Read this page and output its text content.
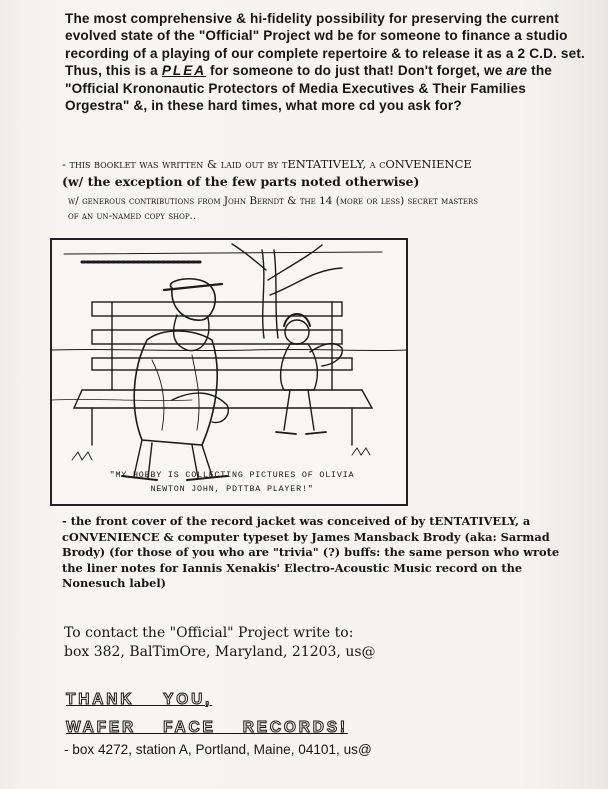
The most comprehensive & hi-fidelity possibility for preserving the current evolved state of the "Official" Project wd be for someone to finance a studio recording of a playing of our complete repertoire & to release it as a 2 C.D. set. Thus, this is a PLEA for someone to do just that! Don't forget, we are the "Official Krononautic Protectors of Media Executives & Their Families Orgestra" &, in these hard times, what more cd you ask for?
- this booklet was written & laid out by tENTATIVELY, a cONVENIENCE
(w/ the exception of the few parts noted otherwise)
w/ generous contributions from John Berndt & the 14 (more or less) secret masters of an un-named copy shop..
"MY HOBBY IS COLLECTING PICTURES OF OLIVIA
NEWTON JOHN, PDTTBA PLAYER!"
- the front cover of the record jacket was conceived of by tENTATIVELY, a cONVENIENCE & computer typeset by James Mansback Brody (aka: Sarmad Brody) (for those of you who are "trivia" (?) buffs: the same person who wrote the liner notes for Iannis Xenakis' Electro-Acoustic Music record on the Nonesuch label)
To contact the "Official" Project write to:
box 382, BalTimOre, Maryland, 21203, us@
THANK YOU,
WAFER FACE RECORDS!
- box 4272, station A, Portland, Maine, 04101, us@
